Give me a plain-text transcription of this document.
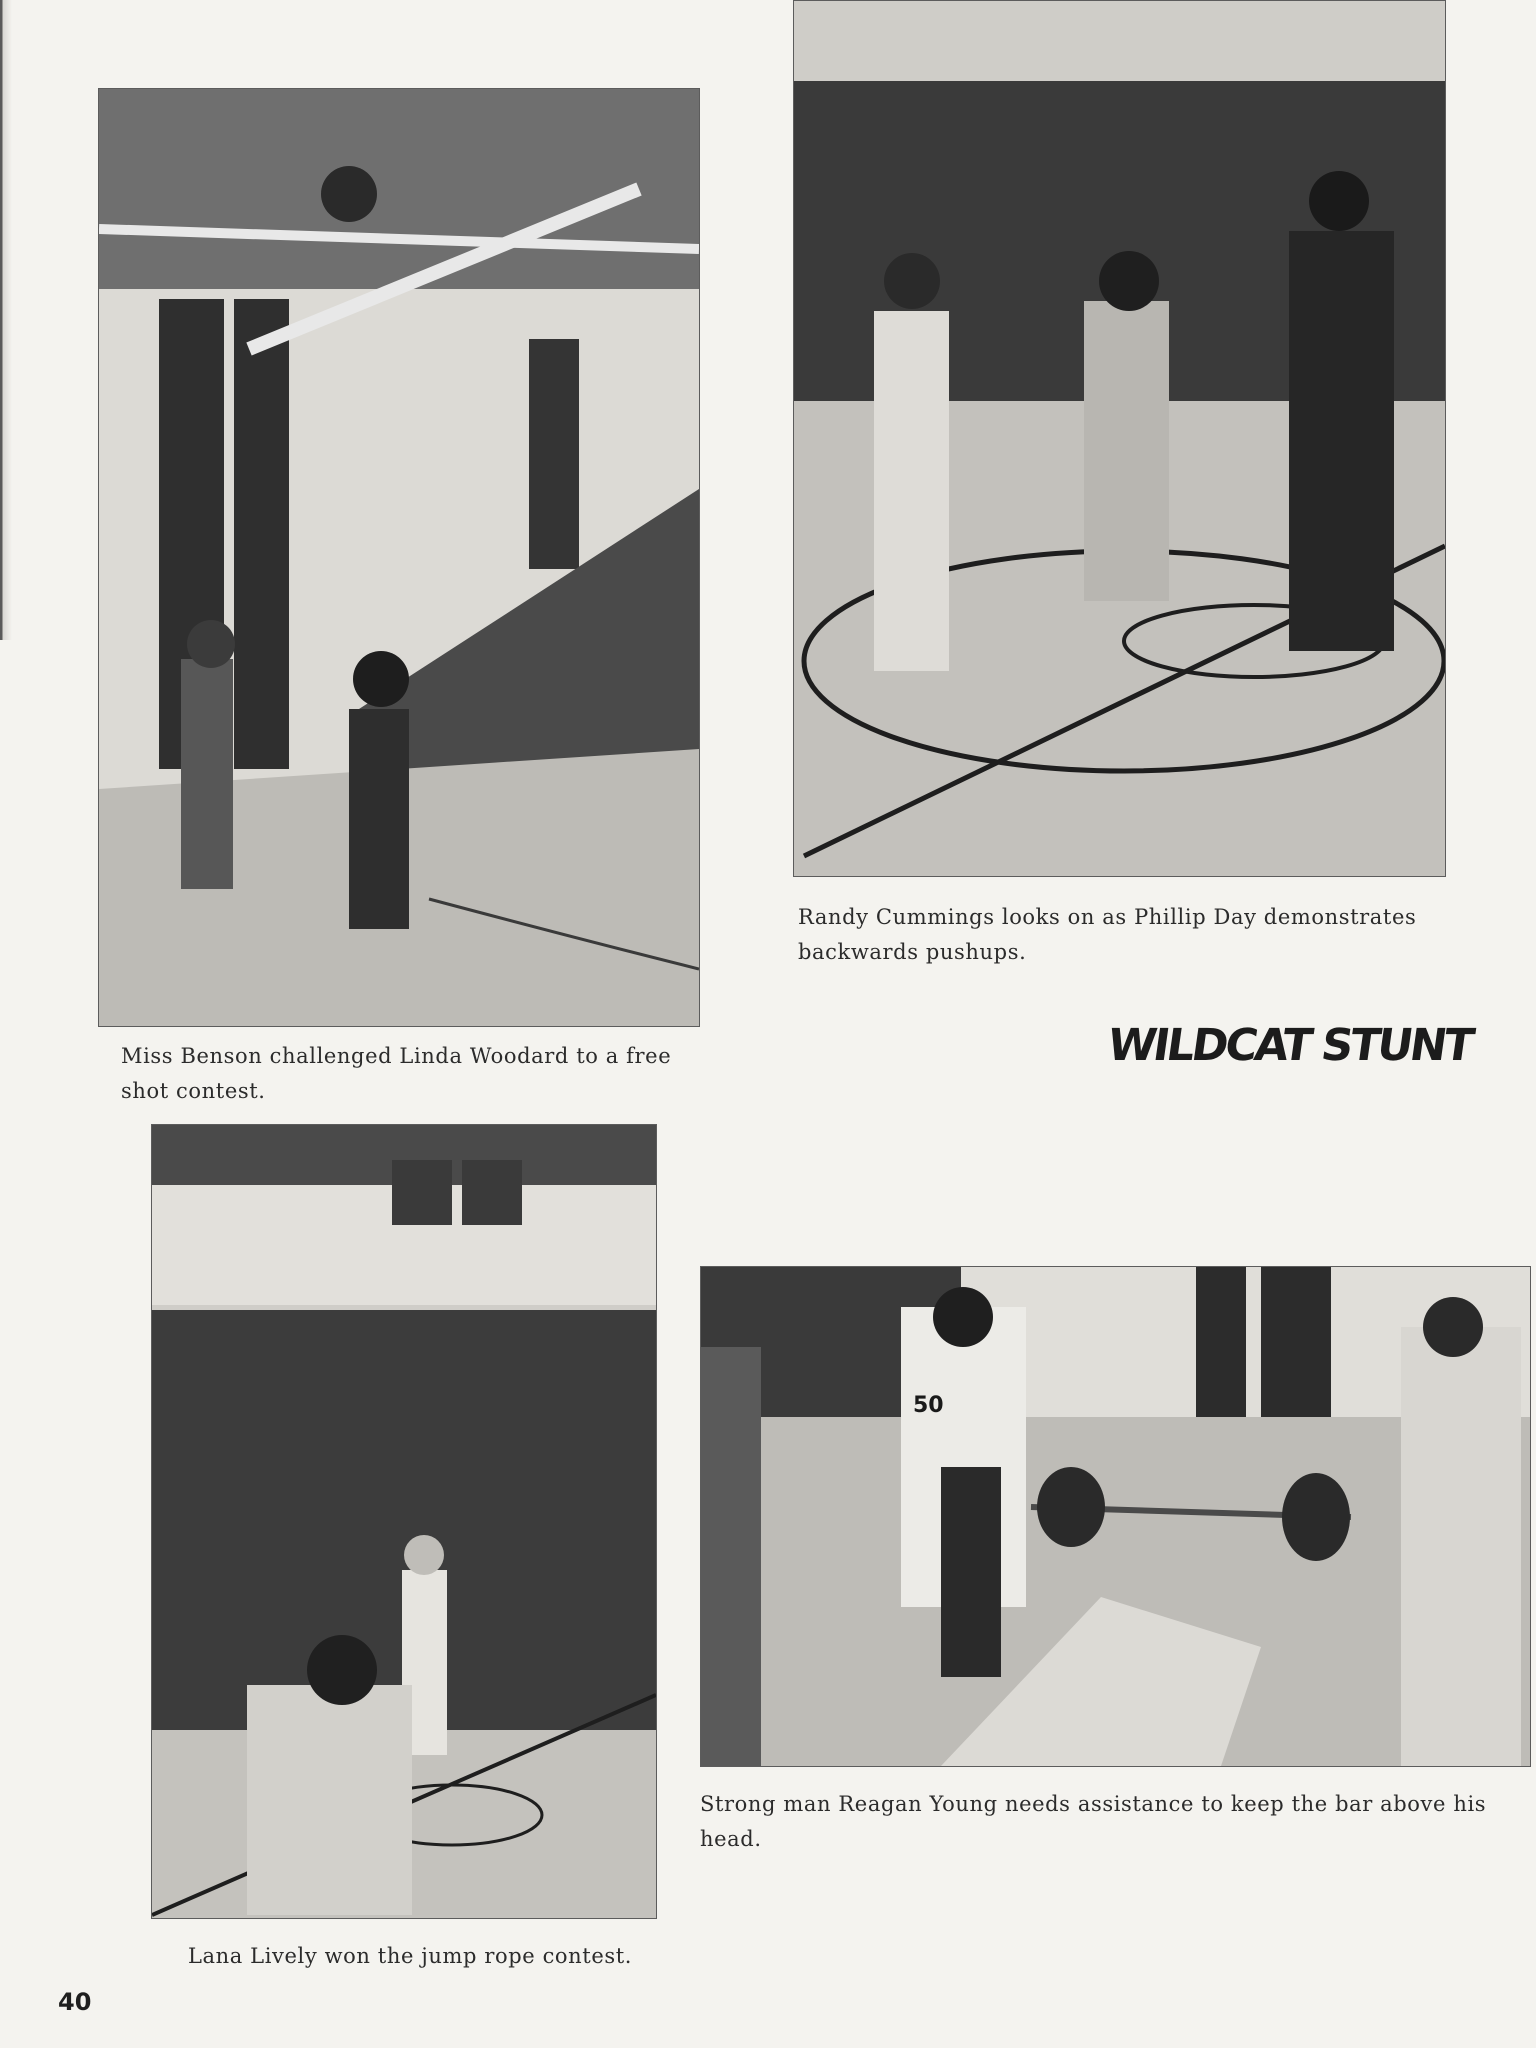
Miss Benson challenged Linda Woodard to a free shot contest.

Randy Cummings looks on as Phillip Day demonstrates backwards pushups.

WILDCAT STUNT

Lana Lively won the jump rope contest.

50

Strong man Reagan Young needs assistance to keep the bar above his head.

40
